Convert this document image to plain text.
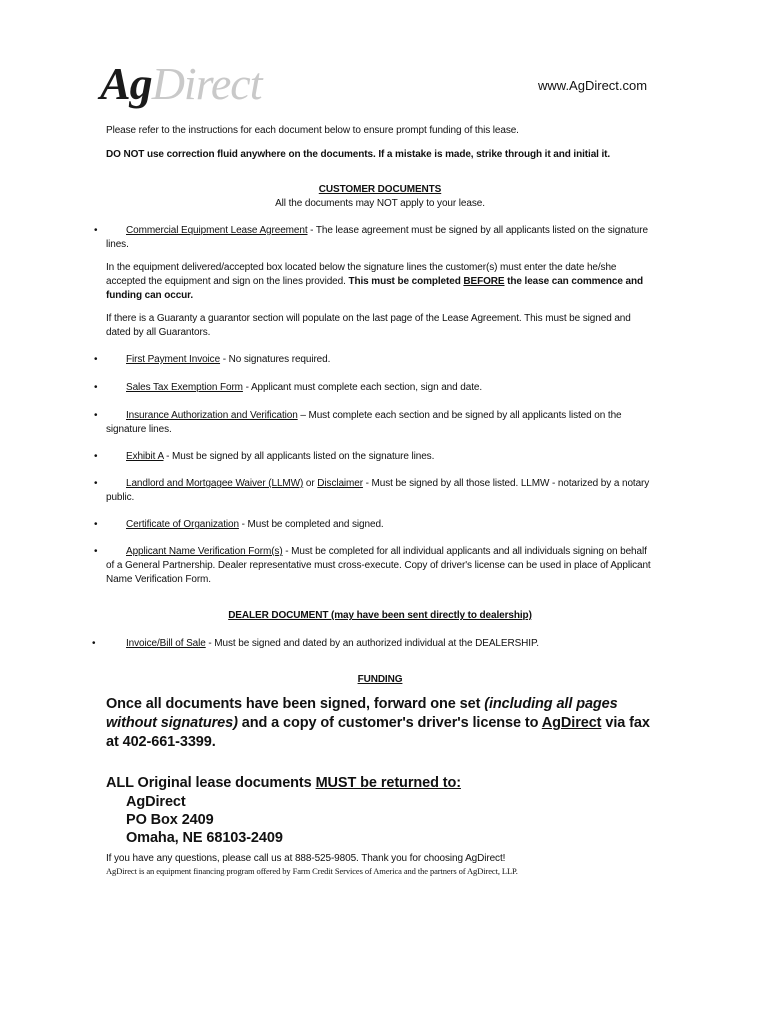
AgDirect	www.AgDirect.com

Please refer to the instructions for each document below to ensure prompt funding of this lease.

DO NOT use correction fluid anywhere on the documents. If a mistake is made, strike through it and initial it.

CUSTOMER DOCUMENTS

All the documents may NOT apply to your lease.

•	Commercial Equipment Lease Agreement - The lease agreement must be signed by all applicants listed on the signature lines.

In the equipment delivered/accepted box located below the signature lines the customer(s) must enter the date he/she accepted the equipment and sign on the lines provided. This must be completed BEFORE the lease can commence and funding can occur.

If there is a Guaranty a guarantor section will populate on the last page of the Lease Agreement. This must be signed and dated by all Guarantors.

•	First Payment Invoice - No signatures required.

•	Sales Tax Exemption Form - Applicant must complete each section, sign and date.

•	Insurance Authorization and Verification – Must complete each section and be signed by all applicants listed on the signature lines.

•	Exhibit A - Must be signed by all applicants listed on the signature lines.

•	Landlord and Mortgagee Waiver (LLMW) or Disclaimer - Must be signed by all those listed. LLMW - notarized by a notary public.

•	Certificate of Organization - Must be completed and signed.

•	Applicant Name Verification Form(s) - Must be completed for all individual applicants and all individuals signing on behalf of a General Partnership. Dealer representative must cross-execute. Copy of driver's license can be used in place of Applicant Name Verification Form.

DEALER DOCUMENT (may have been sent directly to dealership)

•	Invoice/Bill of Sale - Must be signed and dated by an authorized individual at the DEALERSHIP.

FUNDING

Once all documents have been signed, forward one set (including all pages without signatures) and a copy of customer's driver's license to AgDirect via fax at 402-661-3399.

ALL Original lease documents MUST be returned to:

AgDirect

PO Box 2409

Omaha, NE 68103-2409

If you have any questions, please call us at 888-525-9805. Thank you for choosing AgDirect!

AgDirect is an equipment financing program offered by Farm Credit Services of America and the partners of AgDirect, LLP.
